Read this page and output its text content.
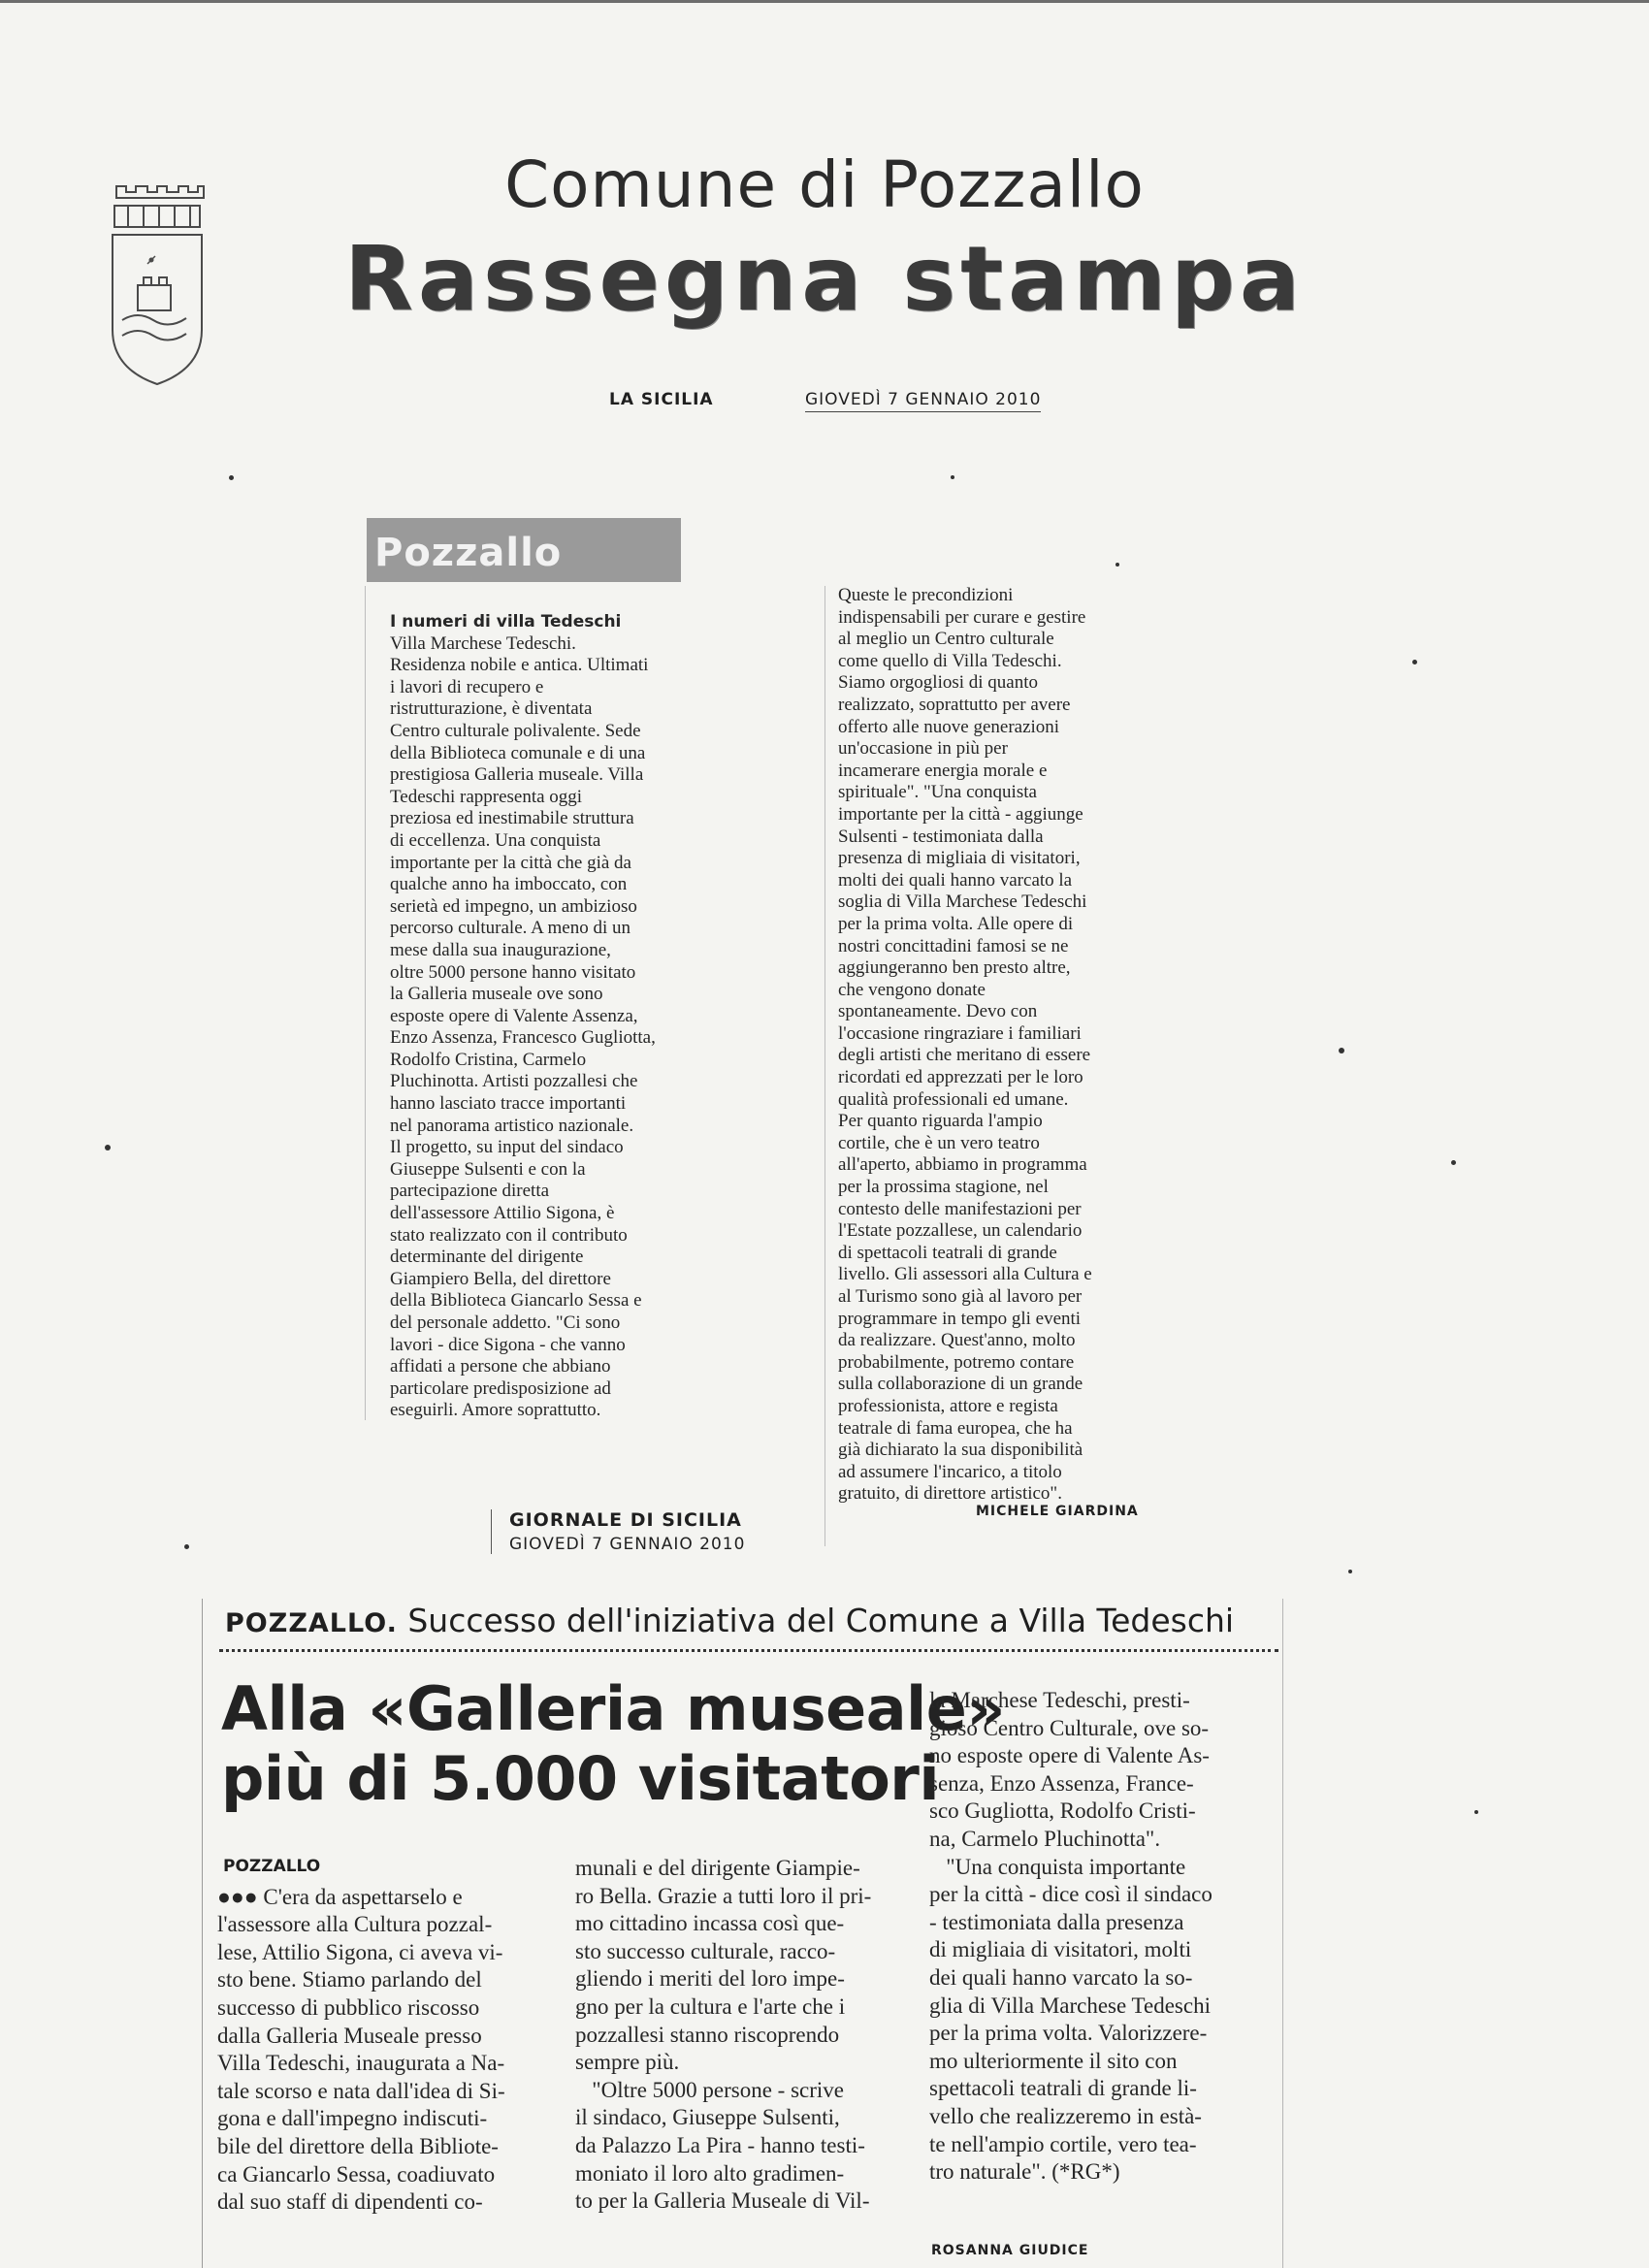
Comune di Pozzallo
Rassegna stampa
LA SICILIA	GIOVEDÌ 7 GENNAIO 2010
Pozzallo
I numeri di villa Tedeschi
Villa Marchese Tedeschi.
Residenza nobile e antica. Ultimati
i lavori di recupero e
ristrutturazione, è diventata
Centro culturale polivalente. Sede
della Biblioteca comunale e di una
prestigiosa Galleria museale. Villa
Tedeschi rappresenta oggi
preziosa ed inestimabile struttura
di eccellenza. Una conquista
importante per la città che già da
qualche anno ha imboccato, con
serietà ed impegno, un ambizioso
percorso culturale. A meno di un
mese dalla sua inaugurazione,
oltre 5000 persone hanno visitato
la Galleria museale ove sono
esposte opere di Valente Assenza,
Enzo Assenza, Francesco Gugliotta,
Rodolfo Cristina, Carmelo
Pluchinotta. Artisti pozzallesi che
hanno lasciato tracce importanti
nel panorama artistico nazionale.
Il progetto, su input del sindaco
Giuseppe Sulsenti e con la
partecipazione diretta
dell'assessore Attilio Sigona, è
stato realizzato con il contributo
determinante del dirigente
Giampiero Bella, del direttore
della Biblioteca Giancarlo Sessa e
del personale addetto. "Ci sono
lavori - dice Sigona - che vanno
affidati a persone che abbiano
particolare predisposizione ad
eseguirli. Amore soprattutto.
Queste le precondizioni
indispensabili per curare e gestire
al meglio un Centro culturale
come quello di Villa Tedeschi.
Siamo orgogliosi di quanto
realizzato, soprattutto per avere
offerto alle nuove generazioni
un'occasione in più per
incamerare energia morale e
spirituale". "Una conquista
importante per la città - aggiunge
Sulsenti - testimoniata dalla
presenza di migliaia di visitatori,
molti dei quali hanno varcato la
soglia di Villa Marchese Tedeschi
per la prima volta. Alle opere di
nostri concittadini famosi se ne
aggiungeranno ben presto altre,
che vengono donate
spontaneamente. Devo con
l'occasione ringraziare i familiari
degli artisti che meritano di essere
ricordati ed apprezzati per le loro
qualità professionali ed umane.
Per quanto riguarda l'ampio
cortile, che è un vero teatro
all'aperto, abbiamo in programma
per la prossima stagione, nel
contesto delle manifestazioni per
l'Estate pozzallese, un calendario
di spettacoli teatrali di grande
livello. Gli assessori alla Cultura e
al Turismo sono già al lavoro per
programmare in tempo gli eventi
da realizzare. Quest'anno, molto
probabilmente, potremo contare
sulla collaborazione di un grande
professionista, attore e regista
teatrale di fama europea, che ha
già dichiarato la sua disponibilità
ad assumere l'incarico, a titolo
gratuito, di direttore artistico".
MICHELE GIARDINA
GIORNALE DI SICILIA
GIOVEDÌ 7 GENNAIO 2010
POZZALLO. Successo dell'iniziativa del Comune a Villa Tedeschi
Alla «Galleria museale»
più di 5.000 visitatori
POZZALLO

●●● C'era da aspettarselo e
l'assessore alla Cultura pozzal-
lese, Attilio Sigona, ci aveva vi-
sto bene. Stiamo parlando del
successo di pubblico riscosso
dalla Galleria Museale presso
Villa Tedeschi, inaugurata a Na-
tale scorso e nata dall'idea di Si-
gona e dall'impegno indiscuti-
bile del direttore della Bibliote-
ca Giancarlo Sessa, coadiuvato
dal suo staff di dipendenti co-
munali e del dirigente Giampie-
ro Bella. Grazie a tutti loro il pri-
mo cittadino incassa così que-
sto successo culturale, racco-
gliendo i meriti del loro impe-
gno per la cultura e l'arte che i
pozzallesi stanno riscoprendo
sempre più.
"Oltre 5000 persone - scrive
il sindaco, Giuseppe Sulsenti,
da Palazzo La Pira - hanno testi-
moniato il loro alto gradimen-
to per la Galleria Museale di Vil-
la Marchese Tedeschi, presti-
gioso Centro Culturale, ove so-
no esposte opere di Valente As-
senza, Enzo Assenza, France-
sco Gugliotta, Rodolfo Cristi-
na, Carmelo Pluchinotta".
"Una conquista importante
per la città - dice così il sindaco
- testimoniata dalla presenza
di migliaia di visitatori, molti
dei quali hanno varcato la so-
glia di Villa Marchese Tedeschi
per la prima volta. Valorizzere-
mo ulteriormente il sito con
spettacoli teatrali di grande li-
vello che realizzeremo in està-
te nell'ampio cortile, vero tea-
tro naturale". (*RG*)
ROSANNA GIUDICE
